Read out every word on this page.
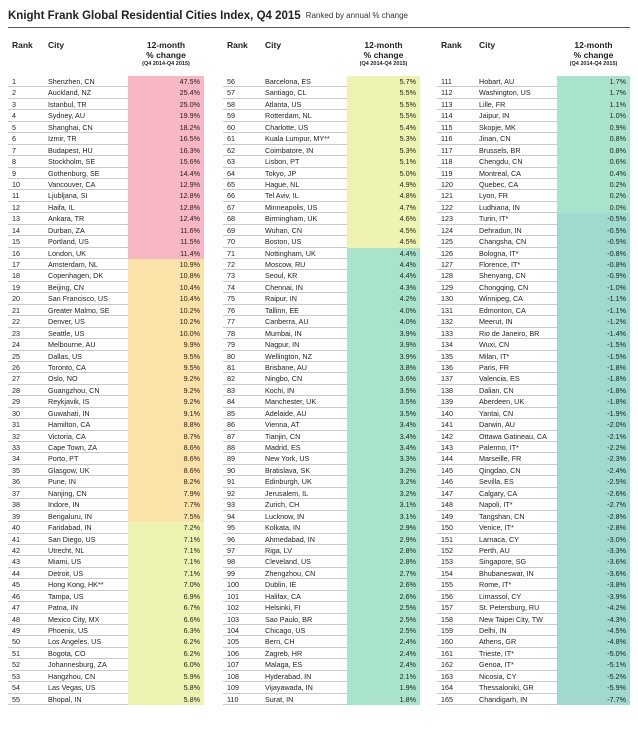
Knight Frank Global Residential Cities Index, Q4 2015 Ranked by annual % change
Rank City	12-month
% change
(Q4 2014-Q4 2015)
1	Shenzhen, CN	47.5%
2	Auckland, NZ	25.4%
3	Istanbul, TR	25.0%
4	Sydney, AU	19.9%
5	Shanghai, CN	18.2%
6	Izmir, TR	16.5%
7	Budapest, HU	16.3%
8	Stockholm, SE	15.6%
9	Gothenburg, SE	14.4%
10	Vancouver, CA	12.9%
11	Ljubljana, SI	12.8%
12	Haifa, IL	12.8%
13	Ankara, TR	12.4%
14	Durban, ZA	11.6%
15	Portland, US	11.5%
16	London, UK	11.4%
17	Amsterdam, NL	10.9%
18	Copenhagen, DK	10.8%
19	Beijing, CN	10.4%
20	San Francisco, US	10.4%
21	Greater Malmo, SE	10.2%
22	Denver, US	10.2%
23	Seattle, US	10.0%
24	Melbourne, AU	9.9%
25	Dallas, US	9.5%
26	Toronto, CA	9.5%
27	Oslo, NO	9.2%
28	Guangzhou, CN	9.2%
29	Reykjavik, IS	9.2%
30	Guwahati, IN	9.1%
31	Hamilton, CA	8.8%
32	Victoria, CA	8.7%
33	Cape Town, ZA	8.6%
34	Porto, PT	8.6%
35	Glasgow, UK	8.6%
36	Pune, IN	8.2%
37	Nanjing, CN	7.9%
38	Indore, IN	7.7%
39	Bengaluru, IN	7.5%
40	Faridabad, IN	7.2%
41	San Diego, US	7.1%
42	Utrecht, NL	7.1%
43	Miami, US	7.1%
44	Detroit, US	7.1%
45	Hong Kong, HK**	7.0%
46	Tampa, US	6.9%
47	Patna, IN	6.7%
48	Mexico City, MX	6.6%
49	Phoenix, US	6.3%
50	Los Angeles, US	6.2%
51	Bogota, CO	6.2%
52	Johannesburg, ZA	6.0%
53	Hangzhou, CN	5.9%
54	Las Vegas, US	5.8%
55	Bhopal, IN	5.8%
Rank City	12-month
% change
(Q4 2014-Q4 2015)
56	Barcelona, ES	5.7%
57	Santiago, CL	5.5%
58	Atlanta, US	5.5%
59	Rotterdam, NL	5.5%
60	Charlotte, US	5.4%
61	Kuala Lumpur, MY**	5.3%
62	Coimbatore, IN	5.3%
63	Lisbon, PT	5.1%
64	Tokyo, JP	5.0%
65	Hague, NL	4.9%
66	Tel Aviv, IL	4.8%
67	Minneapolis, US	4.7%
68	Birmingham, UK	4.6%
69	Wuhan, CN	4.5%
70	Boston, US	4.5%
71	Nottingham, UK	4.4%
72	Moscow, RU	4.4%
73	Seoul, KR	4.4%
74	Chennai, IN	4.3%
75	Raipur, IN	4.2%
76	Tallinn, EE	4.0%
77	Canberra, AU	4.0%
78	Mumbai, IN	3.9%
79	Nagpur, IN	3.9%
80	Wellington, NZ	3.9%
81	Brisbane, AU	3.8%
82	Ningbo, CN	3.6%
83	Kochi, IN	3.5%
84	Manchester, UK	3.5%
85	Adelaide, AU	3.5%
86	Vienna, AT	3.4%
87	Tianjin, CN	3.4%
88	Madrid, ES	3.4%
89	New York, US	3.3%
90	Bratislava, SK	3.2%
91	Edinburgh, UK	3.2%
92	Jerusalem, IL	3.2%
93	Zurich, CH	3.1%
94	Lucknow, IN	3.1%
95	Kolkata, IN	2.9%
96	Ahmedabad, IN	2.9%
97	Riga, LV	2.8%
98	Cleveland, US	2.8%
99	Zhengzhou, CN	2.7%
100	Dublin, IE	2.6%
101	Halifax, CA	2.6%
102	Helsinki, FI	2.5%
103	Sao Paulo, BR	2.5%
104	Chicago, US	2.5%
105	Bern, CH	2.4%
106	Zagreb, HR	2.4%
107	Malaga, ES	2.4%
108	Hyderabad, IN	2.1%
109	Vijayawada, IN	1.9%
110	Surat, IN	1.8%
Rank City	12-month
% change
(Q4 2014-Q4 2015)
111	Hobart, AU	1.7%
112	Washington, US	1.7%
113	Lille, FR	1.1%
114	Jaipur, IN	1.0%
115	Skopje, MK	0.9%
116	Jinan, CN	0.8%
117	Brussels, BR	0.8%
118	Chengdu, CN	0.6%
119	Montreal, CA	0.4%
120	Quebec, CA	0.2%
121	Lyon, FR	0.2%
122	Ludhiana, IN	0.0%
123	Turin, IT*	-0.5%
124	Dehradun, IN	-0.5%
125	Changsha, CN	-0.5%
126	Bologna, IT*	-0.8%
127	Florence, IT*	-0.8%
128	Shenyang, CN	-0.9%
129	Chongqing, CN	-1.0%
130	Winnipeg, CA	-1.1%
131	Edmonton, CA	-1.1%
132	Meerut, IN	-1.2%
133	Rio de Janeiro, BR	-1.4%
134	Wuxi, CN	-1.5%
135	Milan, IT*	-1.5%
136	Paris, FR	-1.8%
137	Valencia, ES	-1.8%
138	Dalian, CN	-1.8%
139	Aberdeen, UK	-1.8%
140	Yantai, CN	-1.9%
141	Darwin, AU	-2.0%
142	Ottawa Gatineau, CA	-2.1%
143	Palermo, IT*	-2.2%
144	Marseille, FR	-2.3%
145	Qingdao, CN	-2.4%
146	Sevilla, ES	-2.5%
147	Calgary, CA	-2.6%
148	Napoli, IT*	-2.7%
149	Tangshan, CN	-2.8%
150	Venice, IT*	-2.8%
151	Larnaca, CY	-3.0%
152	Perth, AU	-3.3%
153	Singapore, SG	-3.6%
154	Bhubaneswar, IN	-3.6%
155	Rome, IT*	-3.8%
156	Limassol, CY	-3.9%
157	St. Petersburg, RU	-4.2%
158	New Taipei City, TW	-4.3%
159	Delhi, IN	-4.5%
160	Athens, GR	-4.8%
161	Trieste, IT*	-5.0%
162	Genoa, IT*	-5.1%
163	Nicosia, CY	-5.2%
164	Thessaloniki, GR	-5.9%
165	Chandigarh, IN	-7.7%
